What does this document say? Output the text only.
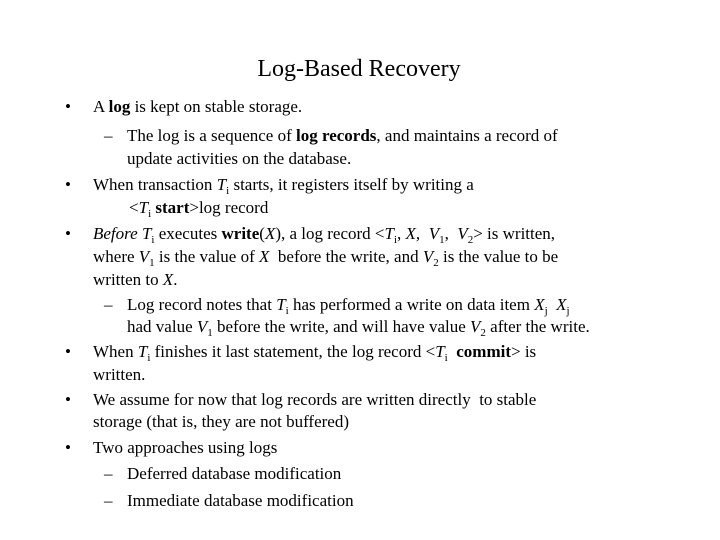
Log-Based Recovery
• A log is kept on stable storage.
– The log is a sequence of log records, and maintains a record of
update activities on the database.
• When transaction $T_i$ starts, it registers itself by writing a
$<T_i$ start>log record
• Before $T_i$ executes write(X), a log record $<T_i$, X,  $V_1$,  $V_2>$ is written,
where $V_1$ is the value of X  before the write, and $V_2$ is the value to be
written to X.
– Log record notes that $T_i$ has performed a write on data item $X_j$  $X_j$
had value $V_1$ before the write, and will have value $V_2$ after the write.
• When $T_i$ finishes it last statement, the log record $<T_i$ commit> is
written.
• We assume for now that log records are written directly  to stable
storage (that is, they are not buffered)
• Two approaches using logs
– Deferred database modification
– Immediate database modification
